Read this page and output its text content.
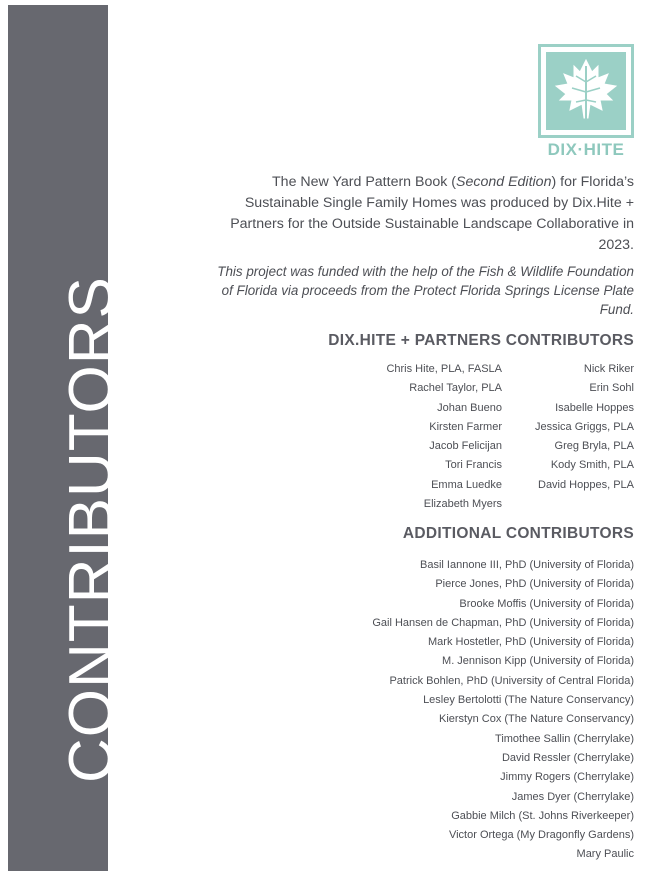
CONTRIBUTORS
DIX·HITE

The New Yard Pattern Book (Second Edition) for Florida’s Sustainable Single Family Homes was produced by Dix.Hite + Partners for the Outside Sustainable Landscape Collaborative in 2023.

This project was funded with the help of the Fish & Wildlife Foundation of Florida via proceeds from the Protect Florida Springs License Plate Fund.

DIX.HITE + PARTNERS CONTRIBUTORS
Chris Hite, PLA, FASLA
Rachel Taylor, PLA
Johan Bueno
Kirsten Farmer
Jacob Felicijan
Tori Francis
Emma Luedke
Elizabeth Myers
Nick Riker
Erin Sohl
Isabelle Hoppes
Jessica Griggs, PLA
Greg Bryla, PLA
Kody Smith, PLA
David Hoppes, PLA
ADDITIONAL CONTRIBUTORS
Basil Iannone III, PhD (University of Florida)
Pierce Jones, PhD (University of Florida)
Brooke Moffis (University of Florida)
Gail Hansen de Chapman, PhD (University of Florida)
Mark Hostetler, PhD (University of Florida)
M. Jennison Kipp (University of Florida)
Patrick Bohlen, PhD (University of Central Florida)
Lesley Bertolotti (The Nature Conservancy)
Kierstyn Cox (The Nature Conservancy)
Timothee Sallin (Cherrylake)
David Ressler (Cherrylake)
Jimmy Rogers (Cherrylake)
James Dyer (Cherrylake)
Gabbie Milch (St. Johns Riverkeeper)
Victor Ortega (My Dragonfly Gardens)
Mary Paulic
